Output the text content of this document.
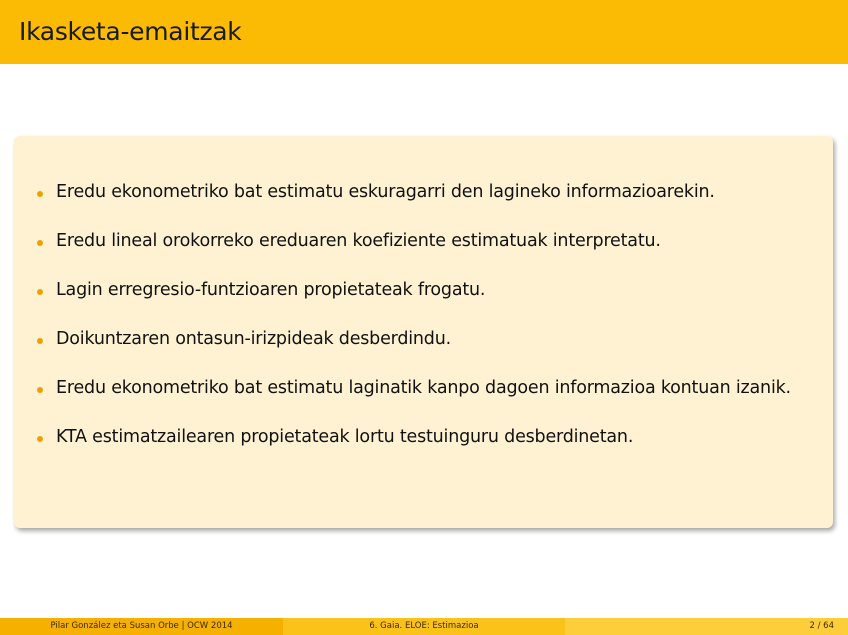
Ikasketa-emaitzak
Eredu ekonometriko bat estimatu eskuragarri den lagineko informazioarekin.
Eredu lineal orokorreko ereduaren koefiziente estimatuak interpretatu.
Lagin erregresio-funtzioaren propietateak frogatu.
Doikuntzaren ontasun-irizpideak desberdindu.
Eredu ekonometriko bat estimatu laginatik kanpo dagoen informazioa kontuan izanik.
KTA estimatzailearen propietateak lortu testuinguru desberdinetan.
Pilar González eta Susan Orbe | OCW 2014	6. Gaia. ELOE: Estimazioa	2 / 64
